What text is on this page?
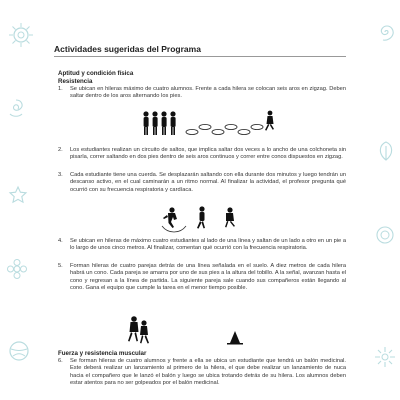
Actividades sugeridas del Programa
Aptitud y condición física
Resistencia
1. Se ubican en hileras máximo de cuatro alumnos. Frente a cada hilera se colocan seis aros en zigzag. Deben saltar dentro de los aros alternando los pies.
2. Los estudiantes realizan un circuito de saltos, que implica saltar dos veces a lo ancho de una colchoneta sin pisarla, correr saltando en dos pies dentro de seis aros continuos y correr entre conos dispuestos en zigzag.
3. Cada estudiante tiene una cuerda. Se desplazarán saltando con ella durante dos minutos y luego tendrán un descanso activo, en el cual caminarán a un ritmo normal. Al finalizar la actividad, el profesor pregunta qué ocurrió con su frecuencia respiratoria y cardíaca.
4. Se ubican en hileras de máximo cuatro estudiantes al lado de una línea y saltan de un lado a otro en un pie a lo largo de unos cinco metros. Al finalizar, comentan qué ocurrió con la frecuencia respiratoria.
5. Forman hileras de cuatro parejas detrás de una línea señalada en el suelo. A diez metros de cada hilera habrá un cono. Cada pareja se amarra por uno de sus pies a la altura del tobillo. A la señal, avanzan hasta el cono y regresan a la línea de partida. La siguiente pareja sale cuando sus compañeros están llegando al cono. Gana el equipo que cumple la tarea en el menor tiempo posible.
Fuerza y resistencia muscular
6. Se forman hileras de cuatro alumnos y frente a ella se ubica un estudiante que tendrá un balón medicinal. Este deberá realizar un lanzamiento al primero de la hilera, el que debe realizar un lanzamiento de nuca hacia el compañero que le lanzó el balón y luego se ubica trotando detrás de su hilera. Los alumnos deben estar atentos para no ser golpeados por el balón medicinal.
